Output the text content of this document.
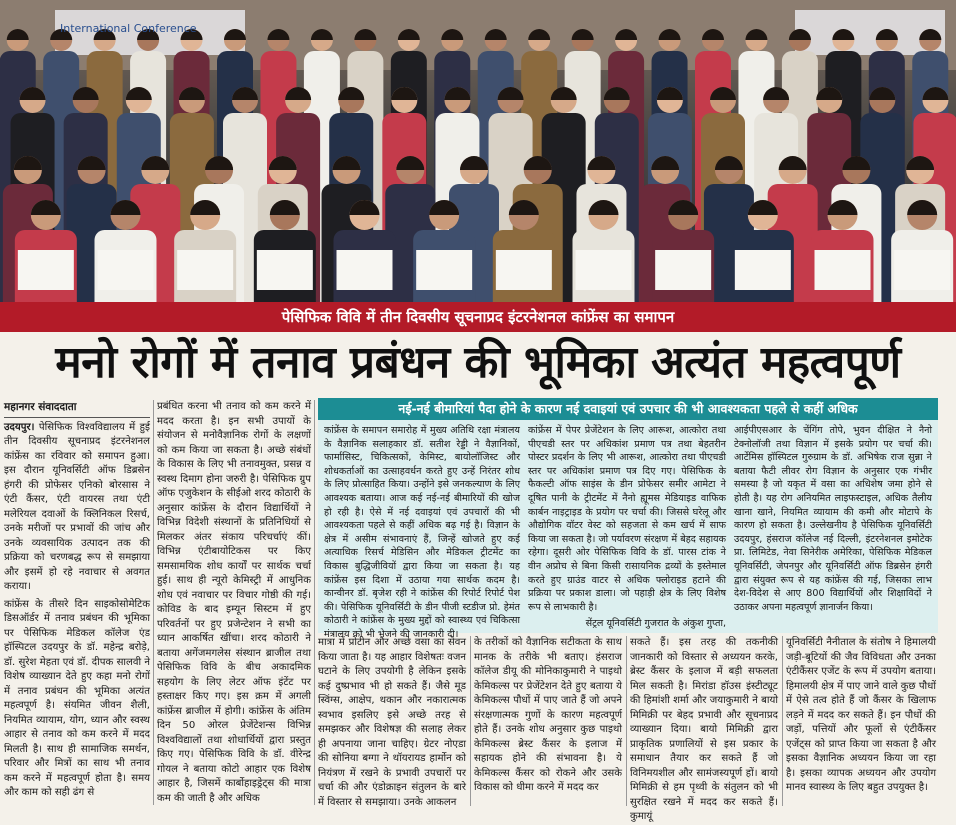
International Conference
पेसिफिक विवि में तीन दिवसीय सूचनाप्रद इंटरनेशनल कांफ्रेंस का समापन
मनो रोगों में तनाव प्रबंधन की भूमिका अत्यंत महत्वपूर्ण

महानगर संवाददाता

उदयपुर। पेसिफिक विश्वविद्यालय में हुई तीन दिवसीय सूचनाप्रद इंटरनेशनल कांफ्रेंस का रविवार को समापन हुआ। इस दौरान यूनिवर्सिटी ऑफ डिब्रसेन हंगरी की प्रोफेसर एनिको बोरसास ने एंटी कैंसर, एंटी वायरस तथा एंटी मलेरियल दवाओं के क्लिनिकल रिसर्च, उनके मरीजों पर प्रभावों की जांच और उनके व्यवसायिक उत्पादन तक की प्रक्रिया को चरणबद्ध रूप से समझाया और इसमें हो रहे नवाचार से अवगत कराया।

कांफ्रेंस के तीसरे दिन साइकोसोमेटिक डिसऑर्डर में तनाव प्रबंधन की भूमिका पर पेसिफिक मेडिकल कॉलेज एंड हॉस्पिटल उदयपुर के डॉ. महेन्द्र बरोड़े, डॉ. सुरेश मेहता एवं डॉ. दीपक सालवी ने विशेष व्याख्यान देते हुए कहा मनो रोगों में तनाव प्रबंधन की भूमिका अत्यंत महत्वपूर्ण है। संयमित जीवन शैली, नियमित व्यायाम, योग, ध्यान और स्वस्थ आहार से तनाव को कम करने में मदद मिलती है। साथ ही सामाजिक समर्थन, परिवार और मित्रों का साथ भी तनाव कम करने में महत्वपूर्ण होता है। समय और काम को सही ढंग से

प्रबंधित करना भी तनाव को कम करने में मदद करता है। इन सभी उपायों के संयोजन से मनोवैज्ञानिक रोगों के लक्षणों को कम किया जा सकता है। अच्छे संबंधों के विकास के लिए भी तनावमुक्त, प्रसन्न व स्वस्थ दिमाग होना जरुरी है। पेसिफिक ग्रुप ऑफ एजुकेशन के सीईओ शरद कोठारी के अनुसार कांफ्रेंस के दौरान विद्यार्थियों ने विभिन्न विदेशी संस्थानों के प्रतिनिधियों से मिलकर अंतर संकाय परिचर्चाएं कीं। विभिन्न एंटीबायोटिकस पर किए समसामयिक शोध कार्यों पर सार्थक चर्चा हुई। साथ ही न्यूरो केमिस्ट्री में आधुनिक शोध एवं नवाचार पर विचार गोष्ठी की गई। कोविड के बाद इम्यून सिस्टम में हुए परिवर्तनों पर हुए प्रजेन्टेशन ने सभी का ध्यान आकर्षित खींचा। शरद कोठारी ने बताया अगेंजमगलेस संस्थान ब्राजील तथा पेसिफिक विवि के बीच अकादमिक सहयोग के लिए लेटर ऑफ इंटेंट पर हस्ताक्षर किए गए। इस क्रम में अगली कांफ्रेंस ब्राजील में होगी। कांफ्रेंस के अंतिम दिन 50 ओरल प्रेजेंटेशन्स विभिन्न विश्वविद्यालों तथा शोधार्थियों द्वारा प्रस्तुत किए गए। पेसिफिक विवि के डॉ. वीरेन्द्र गोयल ने बताया कोटो आहार एक विशेष आहार है, जिसमें कार्बोहाइड्रेट्स की मात्रा कम की जाती है और अधिक

नई-नई बीमारियां पैदा होने के कारण नई दवाइयां एवं उपचार की भी आवश्यकता पहले से कहीं अधिक

कांफ्रेंस के समापन समारोह में मुख्य अतिथि रक्षा मंत्रालय के वैज्ञानिक सलाहकार डॉ. सतीश रेड्डी ने वैज्ञानिकों, फार्मासिस्ट, चिकित्सकों, केमिस्ट, बायोलॉजिस्ट और शोधकर्ताओं का उत्साहवर्धन करते हुए उन्हें निरंतर शोध के लिए प्रोत्साहित किया। उन्होंने इसे जनकल्याण के लिए आवश्यक बताया। आज कई नई-नई बीमारियों की खोज हो रही है। ऐसे में नई दवाइयां एवं उपचारों की भी आवश्यकता पहले से कहीं अधिक बढ़ गई है। विज्ञान के क्षेत्र में असीम संभावनाएं हैं, जिन्हें खोजते हुए कई अत्याधिक रिसर्च मेडिसिन और मेडिकल ट्रीटमेंट का विकास बुद्धिजीवियों द्वारा किया जा सकता है। यह कांफ्रेंस इस दिशा में उठाया गया सार्थक कदम है। कान्वीनर डॉ. बृजेश रही ने कांफ्रेंस की रिपोर्ट रिपोर्ट पेश की। पेसिफिक यूनिवर्सिटी के डीन पीजी स्टडीज प्रो. हेमंत कोठारी ने कांफ्रेंस के मुख्य मुद्दों को स्वास्थ्य एवं चिकित्सा मंत्रालय को भी भेजने की जानकारी दी।

कांफ्रेंस में पेपर प्रेजेंटेशन के लिए आरूश, आत्कोरा तथा पीएचडी स्तर पर अधिकांश प्रमाण पत्र तथा बेहतरीन पोस्टर प्रदर्शन के लिए भी आरूश, आत्कोरा तथा पीएचडी स्तर पर अधिकांश प्रमाण पत्र दिए गए। पेसिफिक के फैकल्टी ऑफ साइंस के डीन प्रोफेसर समीर आमेटा ने दूषित पानी के ट्रीटमेंट में नैनो ह्यूमस मेडियाइड वाफिक कार्बन नाइट्राइड के प्रयोग पर चर्चा की। जिससे घरेलू और औद्योगिक वॉटर वेस्ट को सहजता से कम खर्च में साफ किया जा सकता है। जो पर्यावरण संरक्षण में बेहद सहायक रहेगा। दूसरी ओर पेसिफिक विवि के डॉ. पारस टांक ने वीन अप्रोच से बिना किसी रासायनिक द्रव्यों के इस्तेमाल करते हुए ग्राउंड वाटर से अधिक फ्लोराइड हटाने की प्रक्रिया पर प्रकाश डाला। जो पहाड़ी क्षेत्र के लिए विशेष रूप से लाभकारी है।

सेंट्रल यूनिवर्सिटी गुजरात के अंकुश गुप्ता,

आईपीएसआर के चेंगिंग तोपे, भुवन दीक्षित ने नैनो टेक्नोलॉजी तथा विज्ञान में इसके प्रयोग पर चर्चा की। आर्टेमिस हॉस्पिटल गुरुग्राम के डॉ. अभिषेक राज सुन्ना ने बताया फैटी लीवर रोग विज्ञान के अनुसार एक गंभीर समस्या है जो यकृत में वसा का अधिशेष जमा होने से होती है। यह रोग अनियमित लाइफस्टाइल, अधिक तैलीय खाना खाने, नियमित व्यायाम की कमी और मोटापे के कारण हो सकता है। उल्लेखनीय है पेसिफिक यूनिवर्सिटी उदयपुर, हंसराज कॉलेज नई दिल्ली, इंटरनेशनल इमोटेक प्रा. लिमिटेड, नेवा सिनेरीक अमेरिका, पेसिफिक मेडिकल यूनिवर्सिटी, जेपनपुर और यूनिवर्सिटी ऑफ डिब्रसेन हंगरी द्वारा संयुक्त रूप से यह कांफ्रेंस की गई, जिसका लाभ देश-विदेश से आए 800 विद्यार्थियों और शिक्षाविदों ने उठाकर अपना महत्वपूर्ण ज्ञानार्जन किया।

मात्रा में प्रोटीन और अच्छे वसा का सेवन किया जाता है। यह आहार विशेषतः वजन घटाने के लिए उपयोगी है लेकिन इसके कई दुष्प्रभाव भी हो सकते हैं। जैसे मूड स्विंग्स, आक्षेप, थकान और नकारात्मक स्वभाव इसलिए इसे अच्छे तरह से समझकर और विशेषज्ञ की सलाह लेकर ही अपनाया जाना चाहिए। ग्रेटर नोएडा की सोनिया बग्गा ने थॉयरायड हार्मोन को नियंत्रण में रखने के प्रभावी उपचारों पर चर्चा की और एंडोक्राइन संतुलन के बारे में विस्तार से समझाया। उनके आकलन

के तरीकों को वैज्ञानिक सटीकता के साथ मानक के तरीके भी बताए। हंसराज कॉलेज डीयू की मोनिकाकुमारी ने पाइथो केमिकल्स पर प्रेजेंटेशन देते हुए बताया ये केमिकल्स पौधों में पाए जाते हैं जो अपने संरक्षणात्मक गुणों के कारण महत्वपूर्ण होते हैं। उनके शोध अनुसार कुछ पाइथो केमिकल्स ब्रेस्ट कैंसर के इलाज में सहायक होने की संभावना है। ये केमिकल्स कैंसर को रोकने और उसके विकास को धीमा करने में मदद कर

सकते हैं। इस तरह की तकनीकी जानकारी को विस्तार से अध्ययन करके, ब्रेस्ट कैंसर के इलाज में बड़ी सफलता मिल सकती है। मिरांडा हॉउस इंस्टीट्यूट की हिमांशी शर्मा और जयाकुमारी ने बायो मिमिक्री पर बेहद प्रभावी और सूचनाप्रद व्याख्यान दिया। बायो मिमिक्री द्वारा प्राकृतिक प्रणालियों से इस प्रकार के समाधान तैयार कर सकते हैं जो विनिमयशील और सामंजस्यपूर्ण हों। बायो मिमिक्री से हम पृथ्वी के संतुलन को भी सुरक्षित रखने में मदद कर सकते हैं। कुमायूं

यूनिवर्सिटी नैनीताल के संतोष ने हिमालयी जड़ी-बूटियों की जैव विविधता और उनका एंटीकैंसर एजेंट के रूप में उपयोग बताया। हिमालयी क्षेत्र में पाए जाने वाले कुछ पौधों में ऐसे तत्व होते हैं जो कैंसर के खिलाफ लड़ने में मदद कर सकते हैं। इन पौधों की जड़ों, पत्तियों और फूलों से एंटीकैंसर एजेंट्स को प्राप्त किया जा सकता है और इसका वैज्ञानिक अध्ययन किया जा रहा है। इसका व्यापक अध्ययन और उपयोग मानव स्वास्थ्य के लिए बहुत उपयुक्त है।
